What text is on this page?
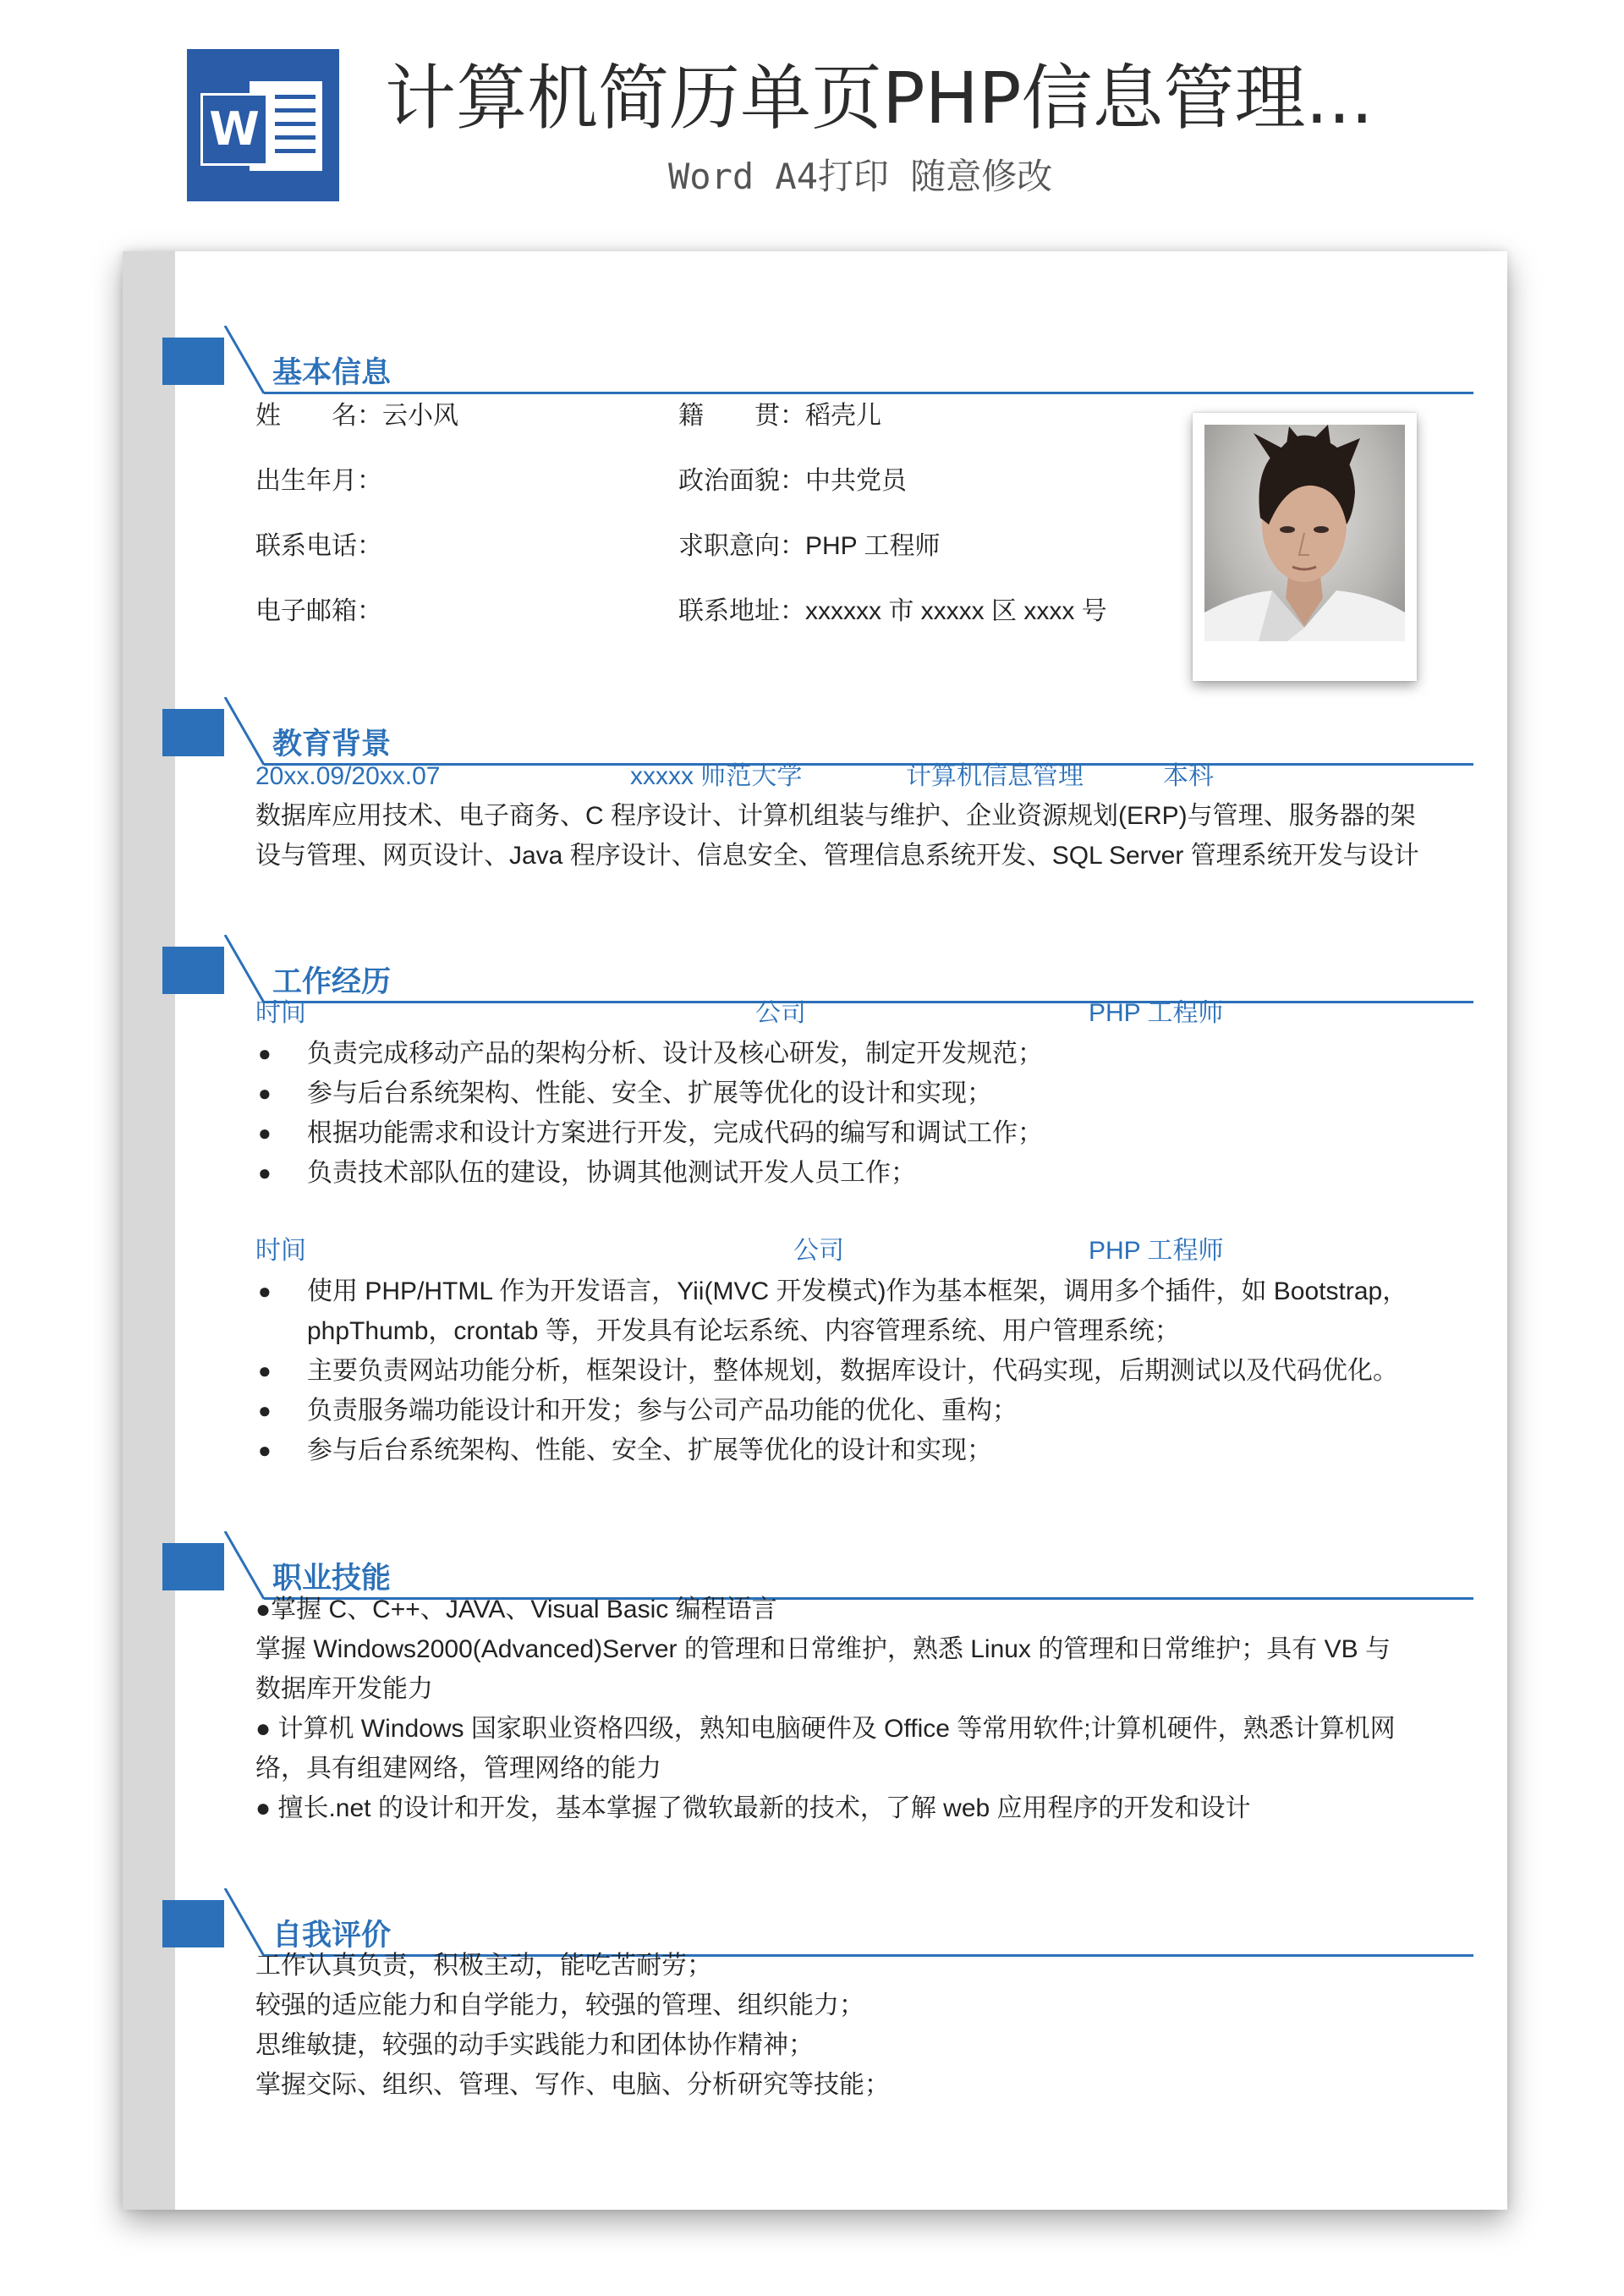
W 计算机简历单页PHP信息管理...
Word A4打印 随意修改
基本信息
姓　　名：云小风	籍　　贯：稻壳儿
出生年月：	政治面貌：中共党员
联系电话：	求职意向：PHP 工程师
电子邮箱：	联系地址：xxxxxx 市 xxxxx 区 xxxx 号
教育背景
20xx.09/20xx.07	xxxxx 师范大学	计算机信息管理	本科
数据库应用技术、电子商务、C 程序设计、计算机组装与维护、企业资源规划(ERP)与管理、服务器的架
设与管理、网页设计、Java 程序设计、信息安全、管理信息系统开发、SQL Server 管理系统开发与设计
工作经历
时间	公司	PHP 工程师
● 负责完成移动产品的架构分析、设计及核心研发，制定开发规范；
● 参与后台系统架构、性能、安全、扩展等优化的设计和实现；
● 根据功能需求和设计方案进行开发，完成代码的编写和调试工作；
● 负责技术部队伍的建设，协调其他测试开发人员工作；
时间	公司	PHP 工程师
● 使用 PHP/HTML 作为开发语言，Yii(MVC 开发模式)作为基本框架，调用多个插件，如 Bootstrap，phpThumb，crontab 等，开发具有论坛系统、内容管理系统、用户管理系统；
● 主要负责网站功能分析，框架设计，整体规划，数据库设计，代码实现，后期测试以及代码优化。
● 负责服务端功能设计和开发；参与公司产品功能的优化、重构；
● 参与后台系统架构、性能、安全、扩展等优化的设计和实现；
职业技能
●掌握 C、C++、JAVA、Visual Basic 编程语言
掌握 Windows2000(Advanced)Server 的管理和日常维护，熟悉 Linux 的管理和日常维护；具有 VB 与
数据库开发能力
● 计算机 Windows 国家职业资格四级，熟知电脑硬件及 Office 等常用软件;计算机硬件，熟悉计算机网
络，具有组建网络，管理网络的能力
● 擅长.net 的设计和开发，基本掌握了微软最新的技术，了解 web 应用程序的开发和设计
自我评价
工作认真负责，积极主动，能吃苦耐劳；
较强的适应能力和自学能力，较强的管理、组织能力；
思维敏捷，较强的动手实践能力和团体协作精神；
掌握交际、组织、管理、写作、电脑、分析研究等技能；
